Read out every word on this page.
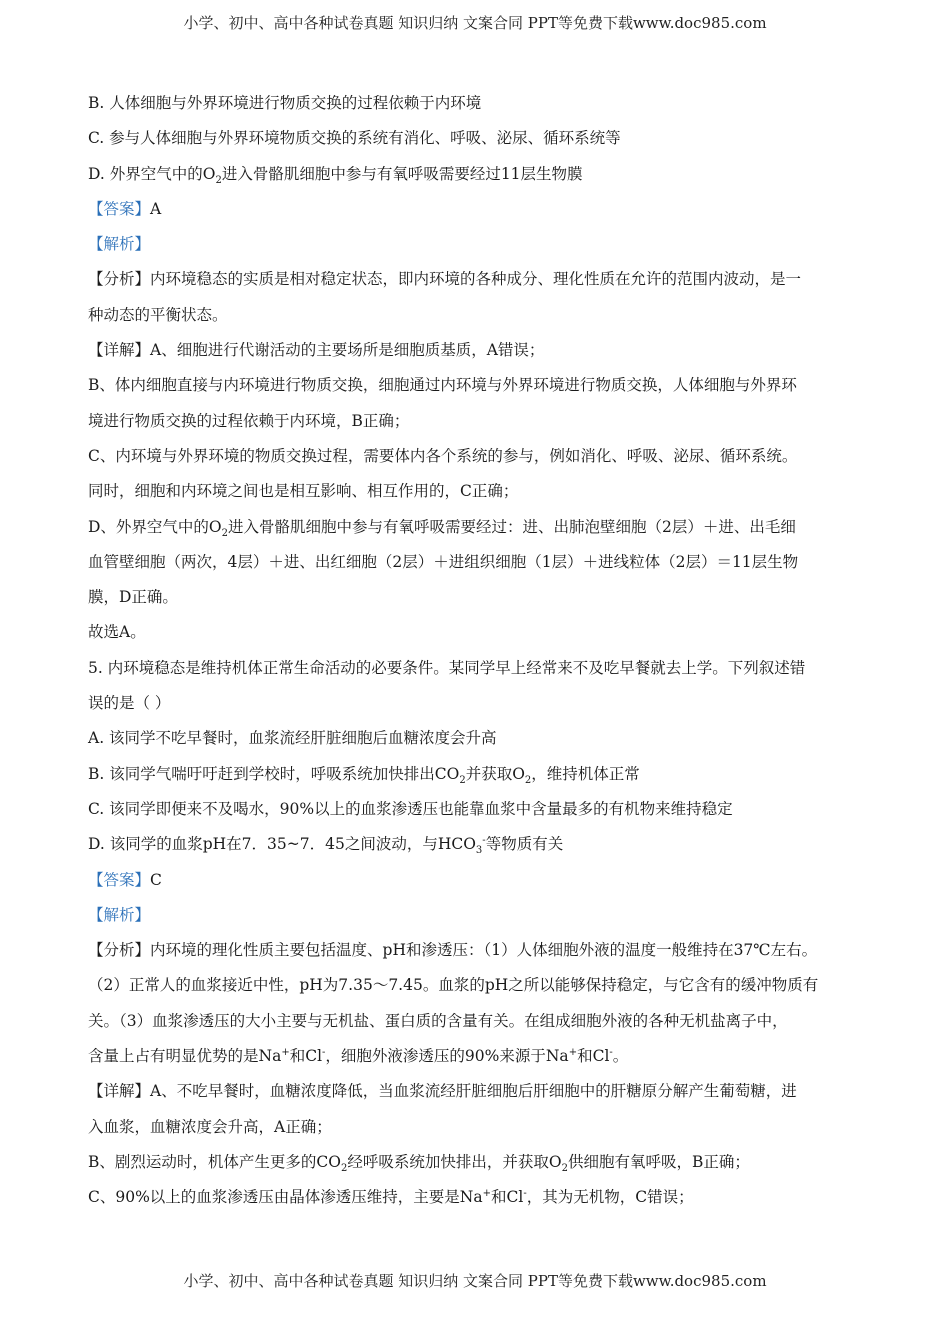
小学、初中、高中各种试卷真题 知识归纳 文案合同 PPT等免费下载www.doc985.com

B. 人体细胞与外界环境进行物质交换的过程依赖于内环境

C. 参与人体细胞与外界环境物质交换的系统有消化、呼吸、泌尿、循环系统等

D. 外界空气中的$O_2$进入骨骼肌细胞中参与有氧呼吸需要经过11层生物膜

【答案】A

【解析】

【分析】内环境稳态的实质是相对稳定状态，即内环境的各种成分、理化性质在允许的范围内波动，是一

种动态的平衡状态。

【详解】A、细胞进行代谢活动的主要场所是细胞质基质，A错误；

B、体内细胞直接与内环境进行物质交换，细胞通过内环境与外界环境进行物质交换，人体细胞与外界环

境进行物质交换的过程依赖于内环境，B正确；

C、内环境与外界环境的物质交换过程，需要体内各个系统的参与，例如消化、呼吸、泌尿、循环系统。

同时，细胞和内环境之间也是相互影响、相互作用的，C正确；

D、外界空气中的$O_2$进入骨骼肌细胞中参与有氧呼吸需要经过：进、出肺泡壁细胞（2层）＋进、出毛细

血管壁细胞（两次，4层）＋进、出红细胞（2层）＋进组织细胞（1层）＋进线粒体（2层）＝11层生物

膜，D正确。

故选A。

5. 内环境稳态是维持机体正常生命活动的必要条件。某同学早上经常来不及吃早餐就去上学。下列叙述错

误的是（ ）

A. 该同学不吃早餐时，血浆流经肝脏细胞后血糖浓度会升高

B. 该同学气喘吁吁赶到学校时，呼吸系统加快排出$CO_2$并获取$O_2$，维持机体正常

C. 该同学即便来不及喝水，90%以上的血浆渗透压也能靠血浆中含量最多的有机物来维持稳定

D. 该同学的血浆pH在7．35~7．45之间波动，与$HCO_3^-$等物质有关

【答案】C

【解析】

【分析】内环境的理化性质主要包括温度、pH和渗透压：（1）人体细胞外液的温度一般维持在37℃左右。

（2）正常人的血浆接近中性，pH为7.35～7.45。血浆的pH之所以能够保持稳定，与它含有的缓冲物质有

关。（3）血浆渗透压的大小主要与无机盐、蛋白质的含量有关。在组成细胞外液的各种无机盐离子中，

含量上占有明显优势的是Na+和Cl-，细胞外液渗透压的90%来源于Na+和Cl-。

【详解】A、不吃早餐时，血糖浓度降低，当血浆流经肝脏细胞后肝细胞中的肝糖原分解产生葡萄糖，进

入血浆，血糖浓度会升高，A正确；

B、剧烈运动时，机体产生更多的$CO_2$经呼吸系统加快排出，并获取$O_2$供细胞有氧呼吸，B正确；

C、90%以上的血浆渗透压由晶体渗透压维持，主要是Na+和Cl-，其为无机物，C错误；

小学、初中、高中各种试卷真题 知识归纳 文案合同 PPT等免费下载www.doc985.com
